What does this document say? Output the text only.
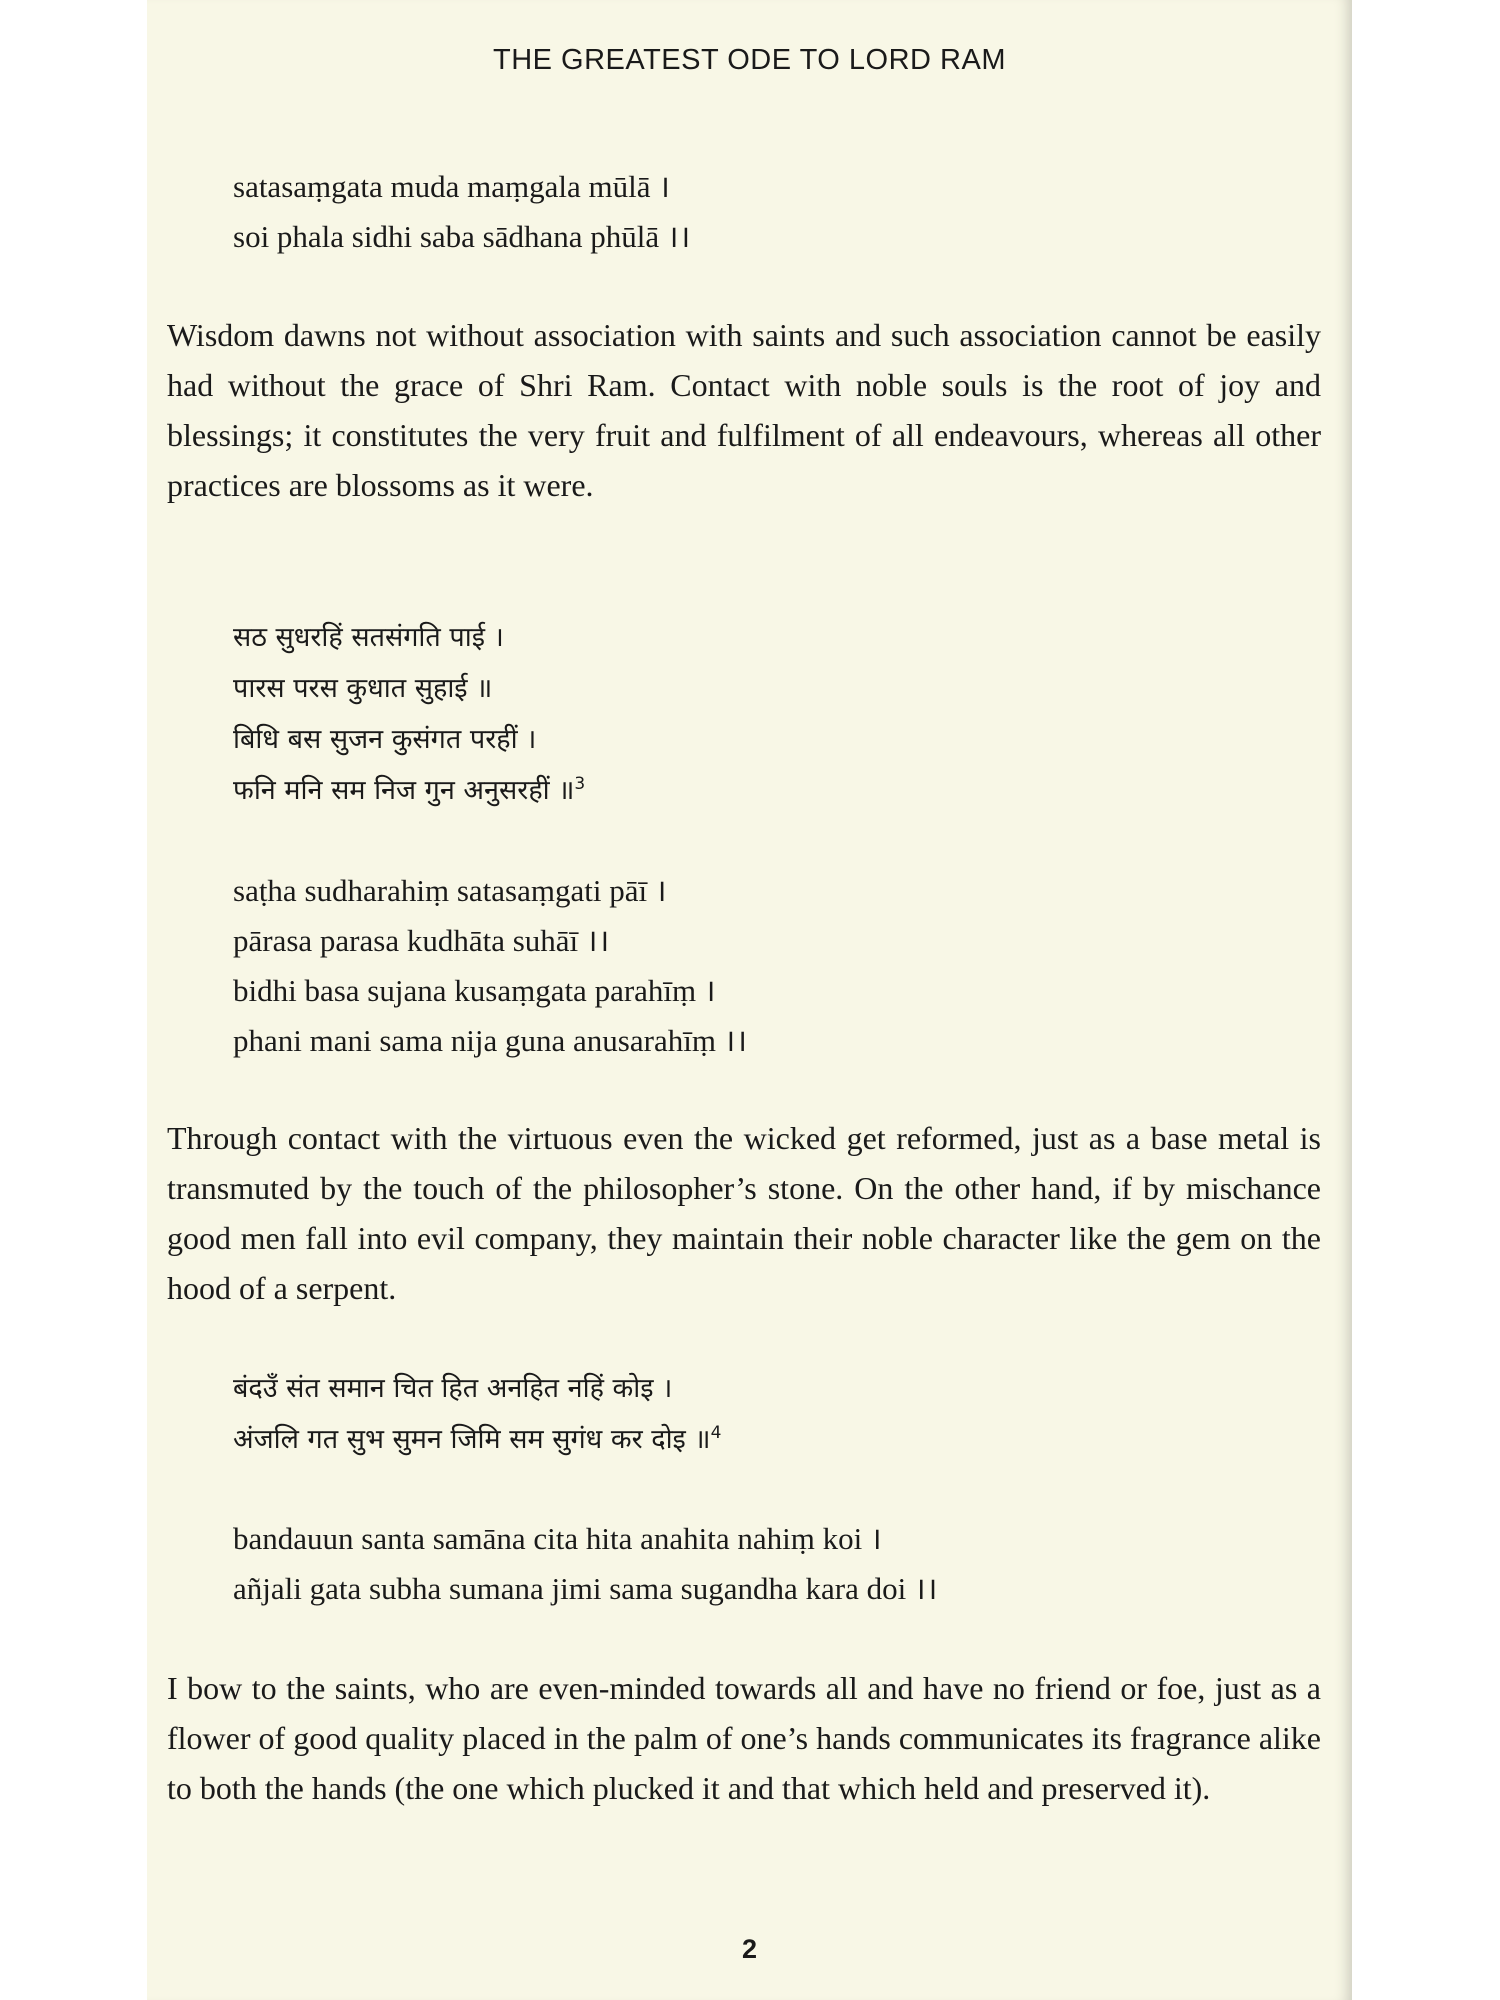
THE GREATEST ODE TO LORD RAM
satasaṃgata muda maṃgala mūlā ।
soi phala sidhi saba sādhana phūlā ।।
Wisdom dawns not without association with saints and such association cannot be easily had without the grace of Shri Ram. Contact with noble souls is the root of joy and blessings; it constitutes the very fruit and fulfilment of all endeavours, whereas all other practices are blossoms as it were.
सठ सुधरहिं सतसंगति पाई ।
पारस परस कुधात सुहाई ॥
बिधि बस सुजन कुसंगत परहीं ।
फनि मनि सम निज गुन अनुसरहीं ॥$^3$
saṭha sudharahiṃ satasaṃgati pāī ।
pārasa parasa kudhāta suhāī ।।
bidhi basa sujana kusaṃgata parahīṃ ।
phani mani sama nija guna anusarahīṃ ।।
Through contact with the virtuous even the wicked get reformed, just as a base metal is transmuted by the touch of the philosopher’s stone. On the other hand, if by mischance good men fall into evil company, they maintain their noble character like the gem on the hood of a serpent.
बंदउँ संत समान चित हित अनहित नहिं कोइ ।
अंजलि गत सुभ सुमन जिमि सम सुगंध कर दोइ ॥$^4$
bandauun santa samāna cita hita anahita nahiṃ koi ।
añjali gata subha sumana jimi sama sugandha kara doi ।।
I bow to the saints, who are even-minded towards all and have no friend or foe, just as a flower of good quality placed in the palm of one’s hands communicates its fragrance alike to both the hands (the one which plucked it and that which held and preserved it).
2
